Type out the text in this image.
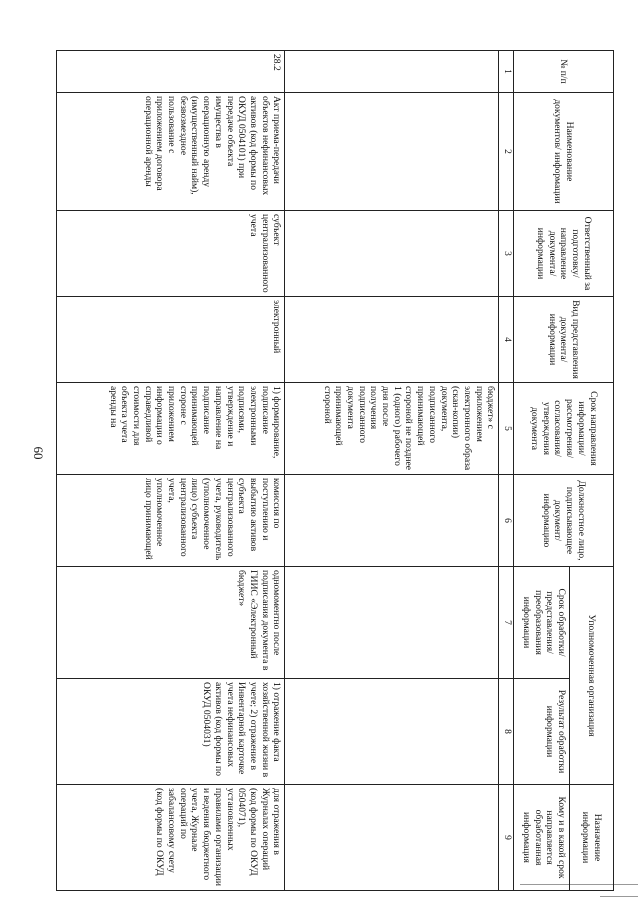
60
№ п/п	Наименование документов/ информации	Ответственный за подготовку/ направление документа/ информации	Вид представления документа/ информации	Срок направления информации/ рассмотрения/ согласования/ утверждения документа	Должностное лицо, подписывающее документ/ информацию	Уполномоченная организация		Назначение информации
						Срок обработки/ представления/ преобразования информации	Результат обработки информации	Кому и в какой срок направляется обработанная информация
1	2	3	4	5	6	7	8	9
				бюджет» с приложением электронного образа (скан-копии) документа, подписанного принимающей стороной не позднее 1 (одного) рабочего дня после получения подписанного документа принимающей стороной				
28.2	Акт приема-передачи объектов нефинансовых активов (код формы по ОКУД 0504101) при передаче объекта имущества в операционную аренду (имущественный найм), безвозмездное пользование с приложением договора операционной аренды	субъект централизованного учета	электронный	1) формирование, подписание электронными подписями, утверждение и направление на подписание принимающей стороне с приложением информации о справедливой стоимости для объекта учета аренды на	комиссия по поступлению и выбытию активов субъекта централизованного учета, руководитель (уполномоченное лицо) субъекта централизованного учета, уполномоченное лицо принимающей	одномоментно после подписания документа в ГИИС «Электронный бюджет»	1) отражение факта хозяйственной жизни в учете; 2) отражение в Инвентарной карточке учета нефинансовых активов (код формы по ОКУД 0504031)	для отражения в Журналах операций (код формы по ОКУД 0504071), установленных правилами организации и ведения бюджетного учета, Журнале операций по забалансовому счету (код формы по ОКУД
